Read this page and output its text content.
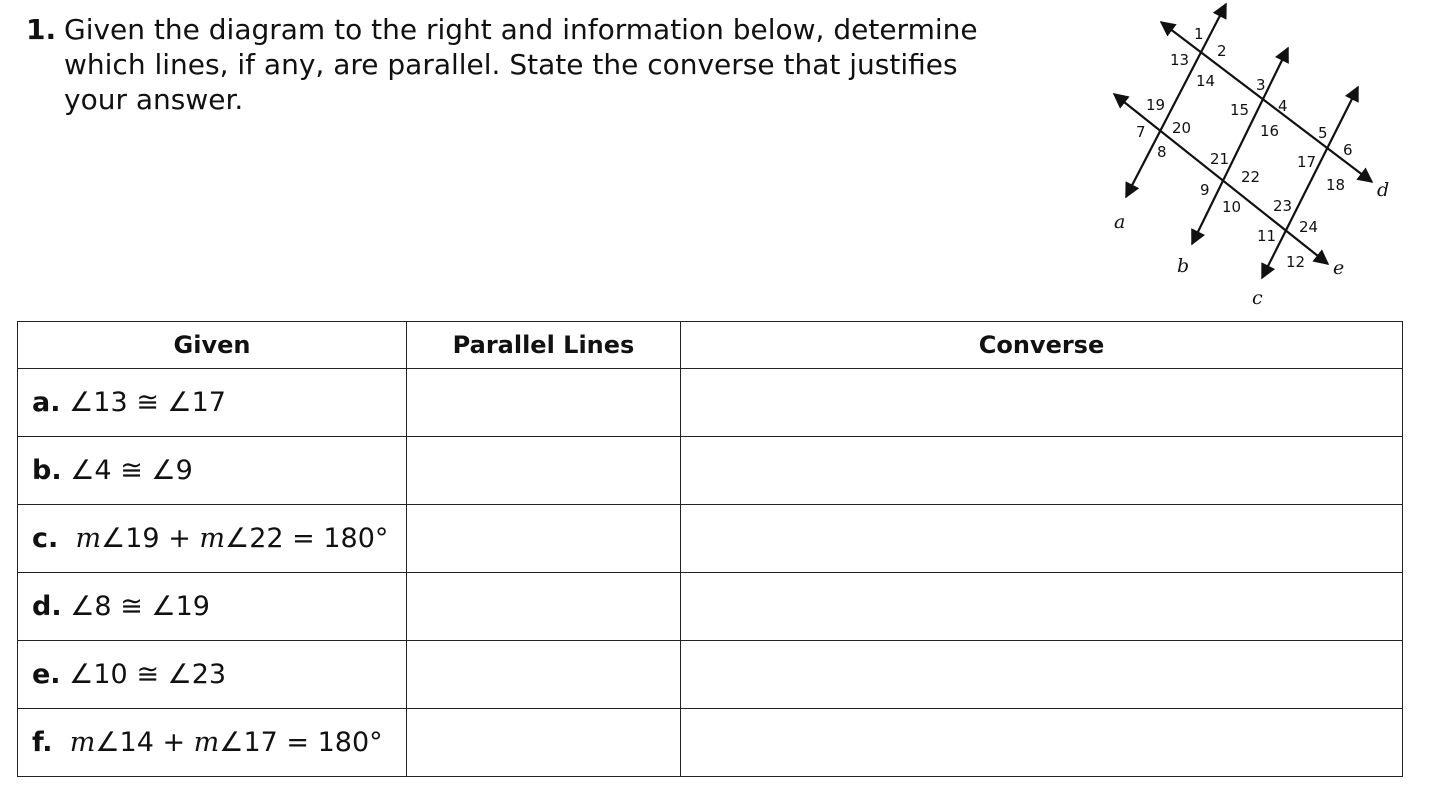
1. Given the diagram to the right and information below, determine which lines, if any, are parallel. State the converse that justifies your answer.
a
b
c
d
e
1
2
3
4
5
6
7
8
9
10
11
12
13
14
15
16
17
18
19
20
21
22
23
24
Given	Parallel Lines	Converse
a. ∠13 ≅ ∠17		
b. ∠4 ≅ ∠9		
c. m∠19 + m∠22 = 180°		
d. ∠8 ≅ ∠19		
e. ∠10 ≅ ∠23		
f. m∠14 + m∠17 = 180°		
